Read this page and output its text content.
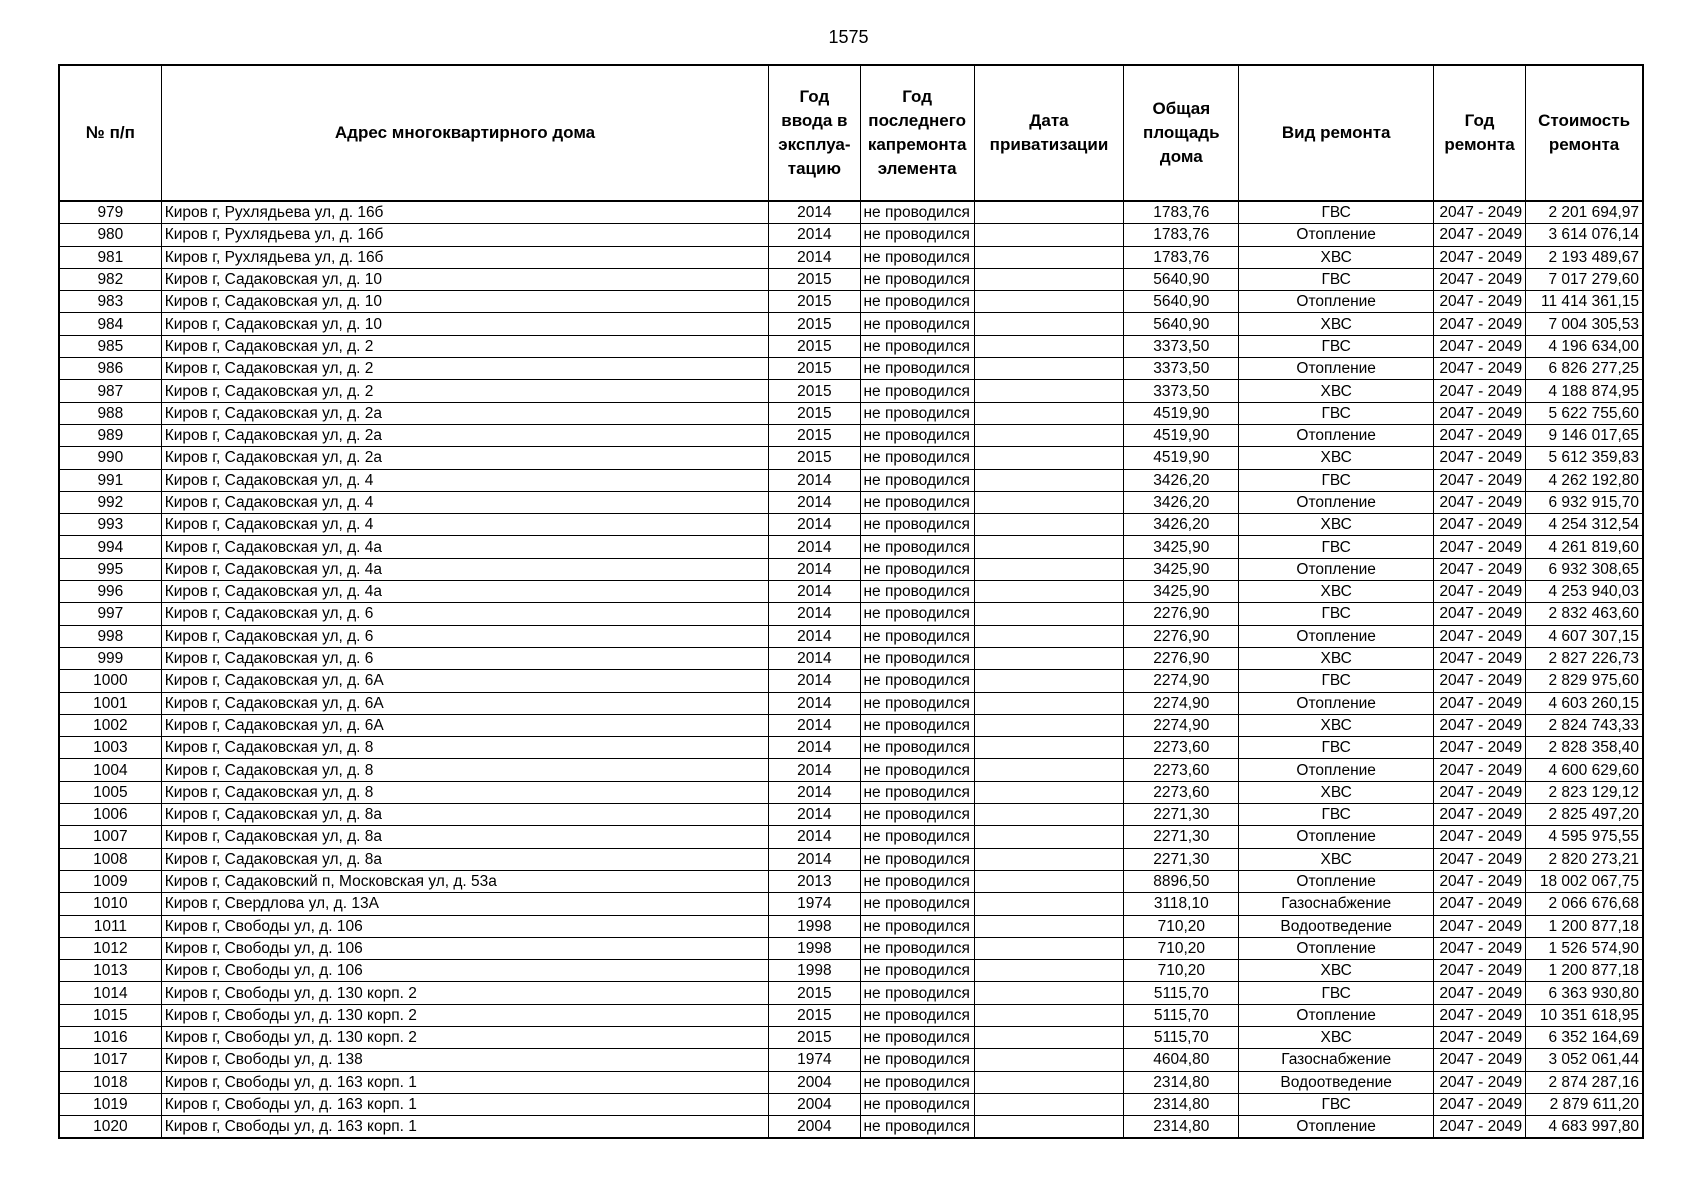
1575
№ п/п	Адрес многоквартирного дома	Год ввода в эксплуа-тацию	Год последнего капремонта элемента	Дата приватизации	Общая площадь дома	Вид ремонта	Год ремонта	Стоимость ремонта
979	Киров г, Рухлядьева ул, д. 16б	2014	не проводился		1783,76	ГВС	2047 - 2049	2 201 694,97
980	Киров г, Рухлядьева ул, д. 16б	2014	не проводился		1783,76	Отопление	2047 - 2049	3 614 076,14
981	Киров г, Рухлядьева ул, д. 16б	2014	не проводился		1783,76	ХВС	2047 - 2049	2 193 489,67
982	Киров г, Садаковская ул, д. 10	2015	не проводился		5640,90	ГВС	2047 - 2049	7 017 279,60
983	Киров г, Садаковская ул, д. 10	2015	не проводился		5640,90	Отопление	2047 - 2049	11 414 361,15
984	Киров г, Садаковская ул, д. 10	2015	не проводился		5640,90	ХВС	2047 - 2049	7 004 305,53
985	Киров г, Садаковская ул, д. 2	2015	не проводился		3373,50	ГВС	2047 - 2049	4 196 634,00
986	Киров г, Садаковская ул, д. 2	2015	не проводился		3373,50	Отопление	2047 - 2049	6 826 277,25
987	Киров г, Садаковская ул, д. 2	2015	не проводился		3373,50	ХВС	2047 - 2049	4 188 874,95
988	Киров г, Садаковская ул, д. 2а	2015	не проводился		4519,90	ГВС	2047 - 2049	5 622 755,60
989	Киров г, Садаковская ул, д. 2а	2015	не проводился		4519,90	Отопление	2047 - 2049	9 146 017,65
990	Киров г, Садаковская ул, д. 2а	2015	не проводился		4519,90	ХВС	2047 - 2049	5 612 359,83
991	Киров г, Садаковская ул, д. 4	2014	не проводился		3426,20	ГВС	2047 - 2049	4 262 192,80
992	Киров г, Садаковская ул, д. 4	2014	не проводился		3426,20	Отопление	2047 - 2049	6 932 915,70
993	Киров г, Садаковская ул, д. 4	2014	не проводился		3426,20	ХВС	2047 - 2049	4 254 312,54
994	Киров г, Садаковская ул, д. 4а	2014	не проводился		3425,90	ГВС	2047 - 2049	4 261 819,60
995	Киров г, Садаковская ул, д. 4а	2014	не проводился		3425,90	Отопление	2047 - 2049	6 932 308,65
996	Киров г, Садаковская ул, д. 4а	2014	не проводился		3425,90	ХВС	2047 - 2049	4 253 940,03
997	Киров г, Садаковская ул, д. 6	2014	не проводился		2276,90	ГВС	2047 - 2049	2 832 463,60
998	Киров г, Садаковская ул, д. 6	2014	не проводился		2276,90	Отопление	2047 - 2049	4 607 307,15
999	Киров г, Садаковская ул, д. 6	2014	не проводился		2276,90	ХВС	2047 - 2049	2 827 226,73
1000	Киров г, Садаковская ул, д. 6А	2014	не проводился		2274,90	ГВС	2047 - 2049	2 829 975,60
1001	Киров г, Садаковская ул, д. 6А	2014	не проводился		2274,90	Отопление	2047 - 2049	4 603 260,15
1002	Киров г, Садаковская ул, д. 6А	2014	не проводился		2274,90	ХВС	2047 - 2049	2 824 743,33
1003	Киров г, Садаковская ул, д. 8	2014	не проводился		2273,60	ГВС	2047 - 2049	2 828 358,40
1004	Киров г, Садаковская ул, д. 8	2014	не проводился		2273,60	Отопление	2047 - 2049	4 600 629,60
1005	Киров г, Садаковская ул, д. 8	2014	не проводился		2273,60	ХВС	2047 - 2049	2 823 129,12
1006	Киров г, Садаковская ул, д. 8а	2014	не проводился		2271,30	ГВС	2047 - 2049	2 825 497,20
1007	Киров г, Садаковская ул, д. 8а	2014	не проводился		2271,30	Отопление	2047 - 2049	4 595 975,55
1008	Киров г, Садаковская ул, д. 8а	2014	не проводился		2271,30	ХВС	2047 - 2049	2 820 273,21
1009	Киров г, Садаковский п, Московская ул, д. 53а	2013	не проводился		8896,50	Отопление	2047 - 2049	18 002 067,75
1010	Киров г, Свердлова ул, д. 13А	1974	не проводился		3118,10	Газоснабжение	2047 - 2049	2 066 676,68
1011	Киров г, Свободы ул, д. 106	1998	не проводился		710,20	Водоотведение	2047 - 2049	1 200 877,18
1012	Киров г, Свободы ул, д. 106	1998	не проводился		710,20	Отопление	2047 - 2049	1 526 574,90
1013	Киров г, Свободы ул, д. 106	1998	не проводился		710,20	ХВС	2047 - 2049	1 200 877,18
1014	Киров г, Свободы ул, д. 130 корп. 2	2015	не проводился		5115,70	ГВС	2047 - 2049	6 363 930,80
1015	Киров г, Свободы ул, д. 130 корп. 2	2015	не проводился		5115,70	Отопление	2047 - 2049	10 351 618,95
1016	Киров г, Свободы ул, д. 130 корп. 2	2015	не проводился		5115,70	ХВС	2047 - 2049	6 352 164,69
1017	Киров г, Свободы ул, д. 138	1974	не проводился		4604,80	Газоснабжение	2047 - 2049	3 052 061,44
1018	Киров г, Свободы ул, д. 163 корп. 1	2004	не проводился		2314,80	Водоотведение	2047 - 2049	2 874 287,16
1019	Киров г, Свободы ул, д. 163 корп. 1	2004	не проводился		2314,80	ГВС	2047 - 2049	2 879 611,20
1020	Киров г, Свободы ул, д. 163 корп. 1	2004	не проводился		2314,80	Отопление	2047 - 2049	4 683 997,80
